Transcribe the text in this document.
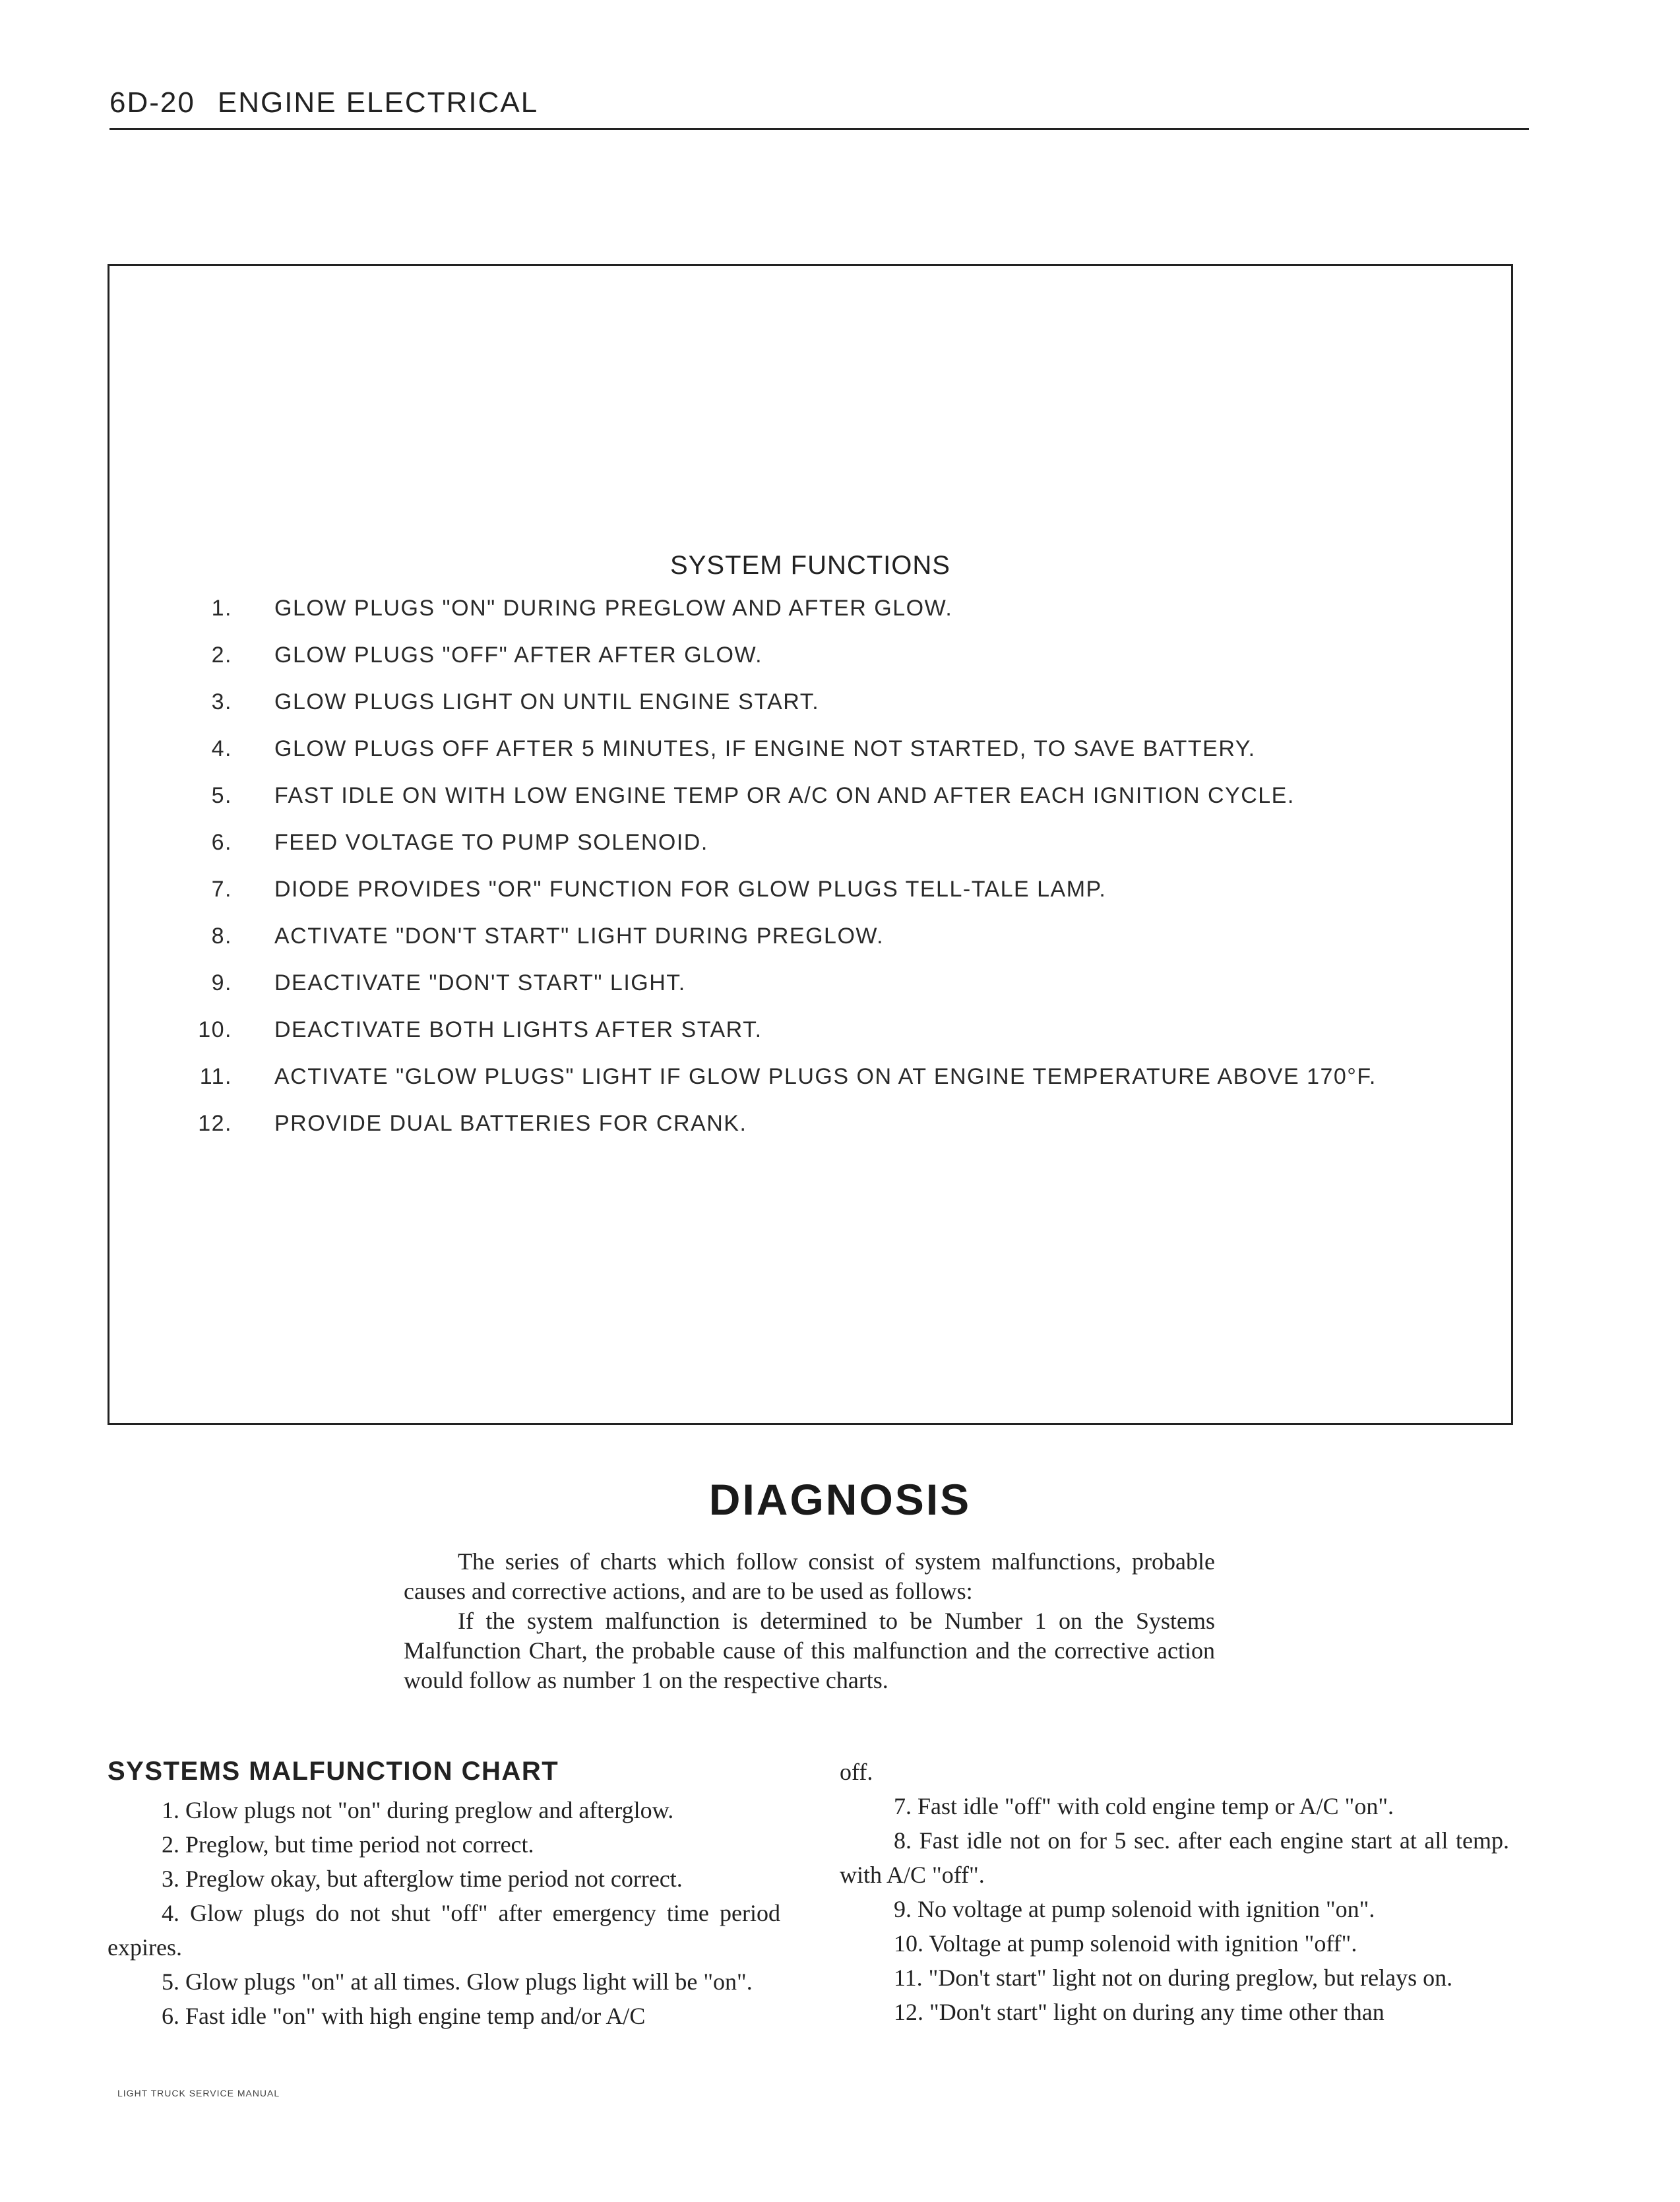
6D-20 ENGINE ELECTRICAL
SYSTEM FUNCTIONS
1. GLOW PLUGS "ON" DURING PREGLOW AND AFTER GLOW.
2. GLOW PLUGS "OFF" AFTER AFTER GLOW.
3. GLOW PLUGS LIGHT ON UNTIL ENGINE START.
4. GLOW PLUGS OFF AFTER 5 MINUTES, IF ENGINE NOT STARTED, TO SAVE BATTERY.
5. FAST IDLE ON WITH LOW ENGINE TEMP OR A/C ON AND AFTER EACH IGNITION CYCLE.
6. FEED VOLTAGE TO PUMP SOLENOID.
7. DIODE PROVIDES "OR" FUNCTION FOR GLOW PLUGS TELL-TALE LAMP.
8. ACTIVATE "DON'T START" LIGHT DURING PREGLOW.
9. DEACTIVATE "DON'T START" LIGHT.
10. DEACTIVATE BOTH LIGHTS AFTER START.
11. ACTIVATE "GLOW PLUGS" LIGHT IF GLOW PLUGS ON AT ENGINE TEMPERATURE ABOVE 170°F.
12. PROVIDE DUAL BATTERIES FOR CRANK.
DIAGNOSIS

The series of charts which follow consist of system malfunctions, probable causes and corrective actions, and are to be used as follows:

If the system malfunction is determined to be Number 1 on the Systems Malfunction Chart, the probable cause of this malfunction and the corrective action would follow as number 1 on the respective charts.

SYSTEMS MALFUNCTION CHART

1. Glow plugs not "on" during preglow and afterglow.

2. Preglow, but time period not correct.

3. Preglow okay, but afterglow time period not correct.

4. Glow plugs do not shut "off" after emergency time period expires.

5. Glow plugs "on" at all times. Glow plugs light will be "on".

6. Fast idle "on" with high engine temp and/or A/C

off.

7. Fast idle "off" with cold engine temp or A/C "on".

8. Fast idle not on for 5 sec. after each engine start at all temp. with A/C "off".

9. No voltage at pump solenoid with ignition "on".

10. Voltage at pump solenoid with ignition "off".

11. "Don't start" light not on during preglow, but relays on.

12. "Don't start" light on during any time other than

LIGHT TRUCK SERVICE MANUAL
